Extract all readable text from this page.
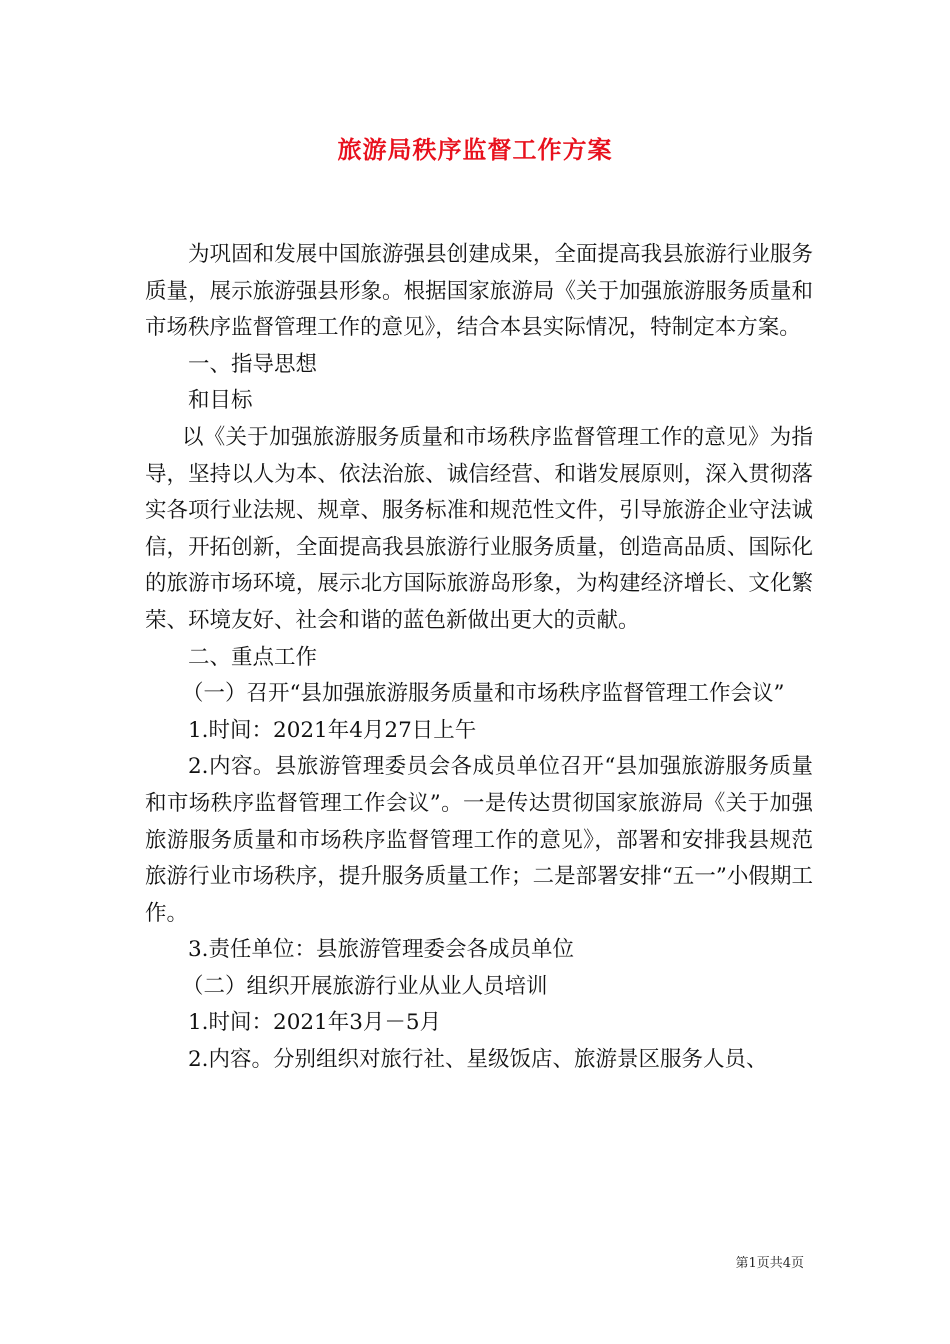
旅游局秩序监督工作方案

为巩固和发展中国旅游强县创建成果，全面提高我县旅游行业服务质量，展示旅游强县形象。根据国家旅游局《关于加强旅游服务质量和市场秩序监督管理工作的意见》，结合本县实际情况，特制定本方案。

一、指导思想

和目标

以《关于加强旅游服务质量和市场秩序监督管理工作的意见》为指导，坚持以人为本、依法治旅、诚信经营、和谐发展原则，深入贯彻落实各项行业法规、规章、服务标准和规范性文件，引导旅游企业守法诚信，开拓创新，全面提高我县旅游行业服务质量，创造高品质、国际化的旅游市场环境，展示北方国际旅游岛形象，为构建经济增长、文化繁荣、环境友好、社会和谐的蓝色新做出更大的贡献。

二、重点工作

（一）召开“县加强旅游服务质量和市场秩序监督管理工作会议”

1.时间：2021年4月27日上午

2.内容。县旅游管理委员会各成员单位召开“县加强旅游服务质量和市场秩序监督管理工作会议”。一是传达贯彻国家旅游局《关于加强旅游服务质量和市场秩序监督管理工作的意见》，部署和安排我县规范旅游行业市场秩序，提升服务质量工作；二是部署安排“五一”小假期工作。

3.责任单位：县旅游管理委会各成员单位

（二）组织开展旅游行业从业人员培训

1.时间：2021年3月－5月

2.内容。分别组织对旅行社、星级饭店、旅游景区服务人员、

第1页共4页
